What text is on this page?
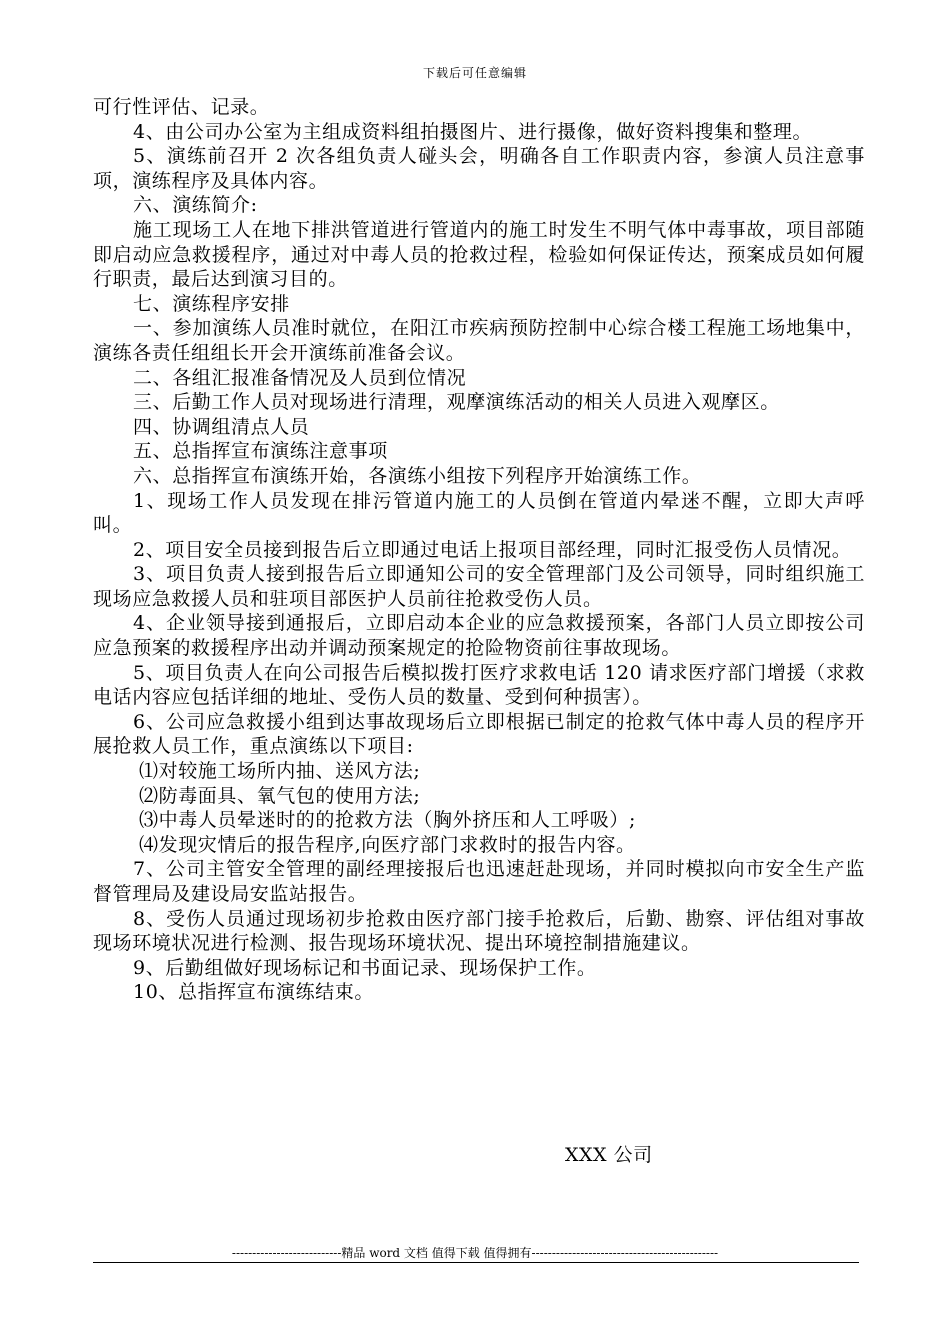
下载后可任意编辑

可行性评估、记录。

4、由公司办公室为主组成资料组拍摄图片、进行摄像，做好资料搜集和整理。

5、演练前召开 2 次各组负责人碰头会，明确各自工作职责内容，参演人员注意事项，演练程序及具体内容。

六、演练简介:

施工现场工人在地下排洪管道进行管道内的施工时发生不明气体中毒事故，项目部随即启动应急救援程序，通过对中毒人员的抢救过程，检验如何保证传达，预案成员如何履行职责，最后达到演习目的。

七、演练程序安排

一、参加演练人员准时就位，在阳江市疾病预防控制中心综合楼工程施工场地集中， 演练各责任组组长开会开演练前准备会议。

二、各组汇报准备情况及人员到位情况

三、后勤工作人员对现场进行清理，观摩演练活动的相关人员进入观摩区。

四、协调组清点人员

五、总指挥宣布演练注意事项

六、总指挥宣布演练开始，各演练小组按下列程序开始演练工作。

1、现场工作人员发现在排污管道内施工的人员倒在管道内晕迷不醒，立即大声呼叫。

2、项目安全员接到报告后立即通过电话上报项目部经理，同时汇报受伤人员情况。

3、项目负责人接到报告后立即通知公司的安全管理部门及公司领导，同时组织施工现场应急救援人员和驻项目部医护人员前往抢救受伤人员。

4、企业领导接到通报后，立即启动本企业的应急救援预案，各部门人员立即按公司应急预案的救援程序出动并调动预案规定的抢险物资前往事故现场。

5、项目负责人在向公司报告后模拟拨打医疗求救电话 120 请求医疗部门增援（求救电话内容应包括详细的地址、受伤人员的数量、受到何种损害）。

6、公司应急救援小组到达事故现场后立即根据已制定的抢救气体中毒人员的程序开展抢救人员工作，重点演练以下项目:

⑴对较施工场所内抽、送风方法;

⑵防毒面具、氧气包的使用方法;

⑶中毒人员晕迷时的的抢救方法（胸外挤压和人工呼吸）;

⑷发现灾情后的报告程序,向医疗部门求救时的报告内容。

7、公司主管安全管理的副经理接报后也迅速赶赴现场，并同时模拟向市安全生产监督管理局及建设局安监站报告。

8、受伤人员通过现场初步抢救由医疗部门接手抢救后，后勤、勘察、评估组对事故现场环境状况进行检测、报告现场环境状况、提出环境控制措施建议。

9、后勤组做好现场标记和书面记录、现场保护工作。

10、总指挥宣布演练结束。

XXX 公司
---------------------------精品 word 文档 值得下载 值得拥有----------------------------------------------
